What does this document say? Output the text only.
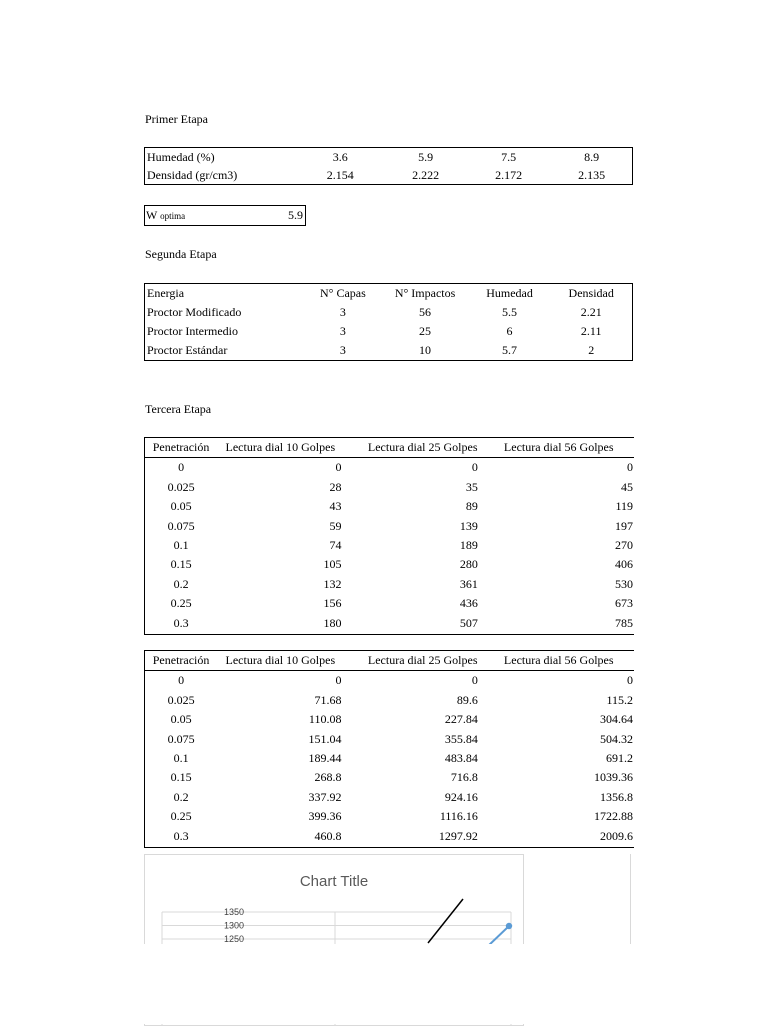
Primer Etapa
Humedad (%)	3.6	5.9	7.5	8.9
Densidad (gr/cm3)	2.154	2.222	2.172	2.135
W optima	5.9
Segunda Etapa
Energia	N° Capas	N° Impactos	Humedad	Densidad
Proctor Modificado	3	56	5.5	2.21
Proctor Intermedio	3	25	6	2.11
Proctor Estándar	3	10	5.7	2
Tercera Etapa
Penetración	Lectura dial 10 Golpes	Lectura dial 25 Golpes	Lectura dial 56 Golpes
0	0	0	0
0.025	28	35	45
0.05	43	89	119
0.075	59	139	197
0.1	74	189	270
0.15	105	280	406
0.2	132	361	530
0.25	156	436	673
0.3	180	507	785
Penetración	Lectura dial 10 Golpes	Lectura dial 25 Golpes	Lectura dial 56 Golpes
0	0	0	0
0.025	71.68	89.6	115.2
0.05	110.08	227.84	304.64
0.075	151.04	355.84	504.32
0.1	189.44	483.84	691.2
0.15	268.8	716.8	1039.36
0.2	337.92	924.16	1356.8
0.25	399.36	1116.16	1722.88
0.3	460.8	1297.92	2009.6
Chart Title
1350
1300
1250
